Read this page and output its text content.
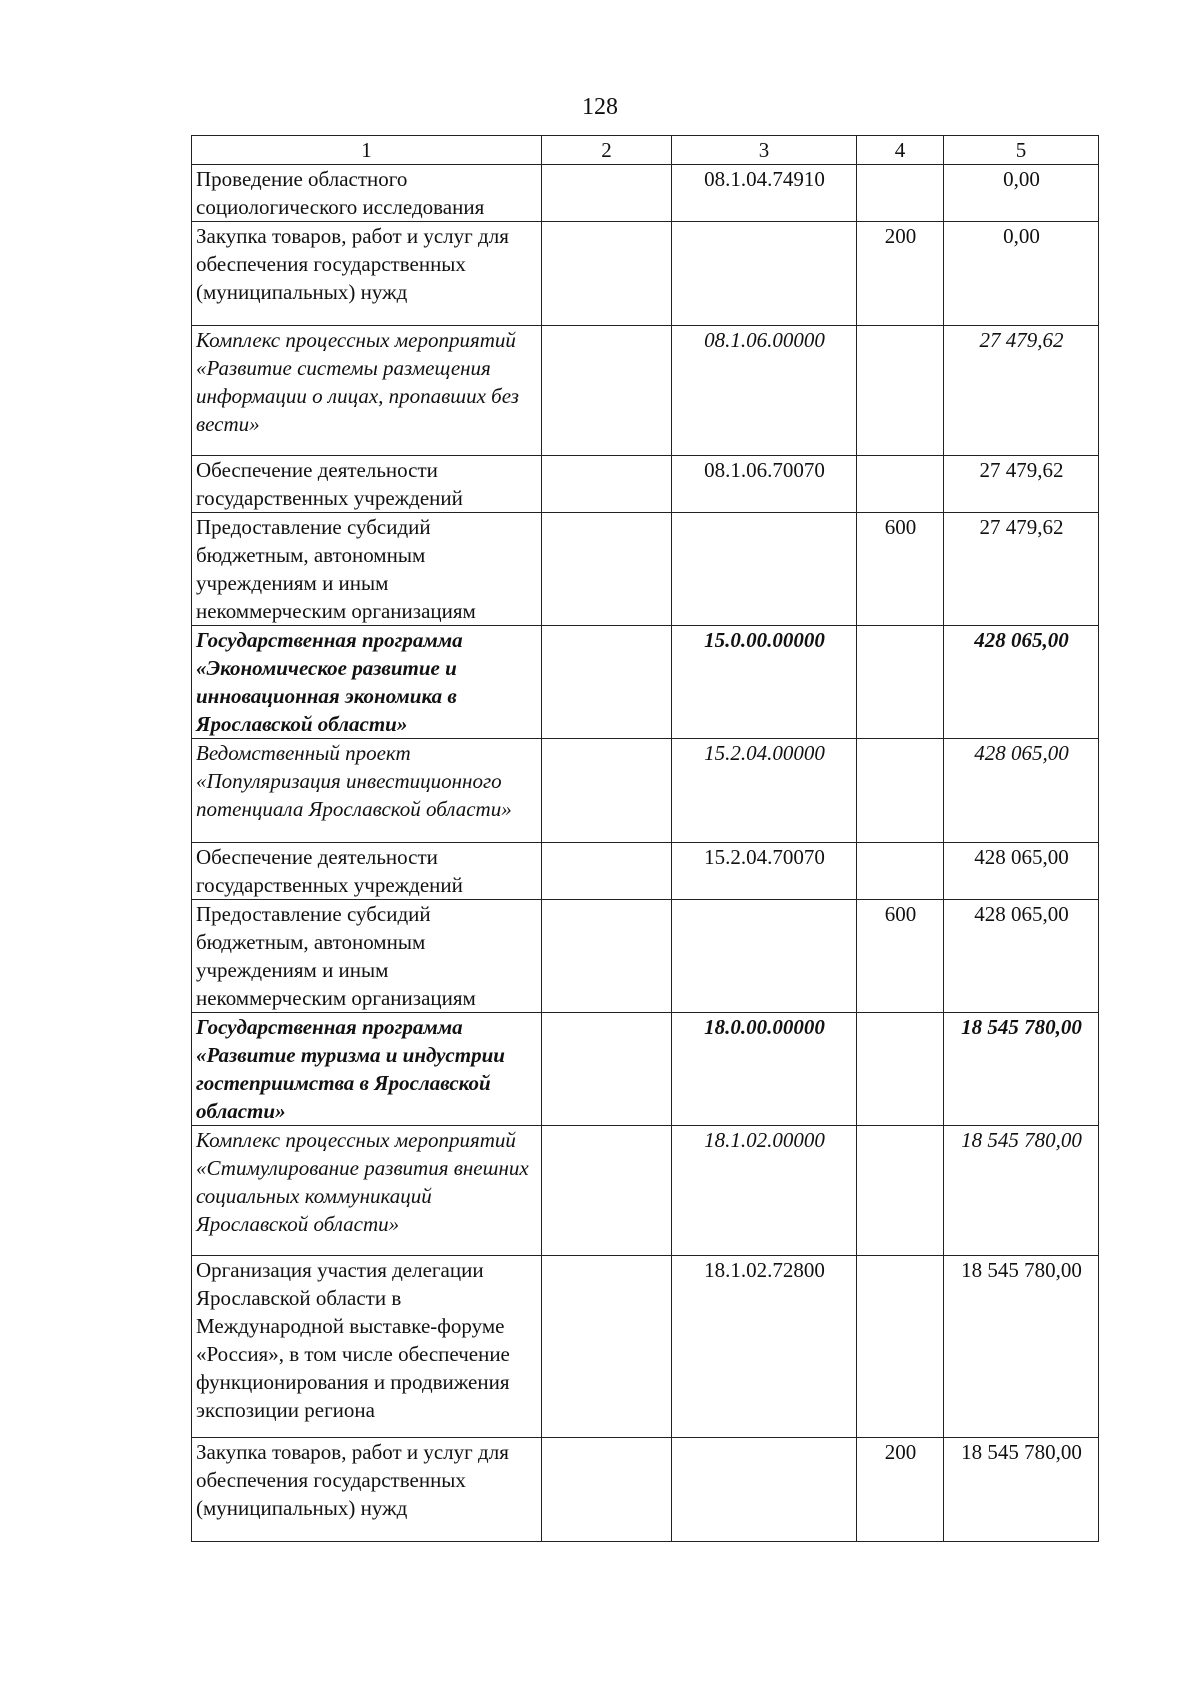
128
1	2	3	4	5
Проведение областного социологического исследования		08.1.04.74910		0,00
Закупка товаров, работ и услуг для обеспечения государственных (муниципальных) нужд			200	0,00
Комплекс процессных мероприятий «Развитие системы размещения информации о лицах, пропавших без вести»		08.1.06.00000		27 479,62
Обеспечение деятельности государственных учреждений		08.1.06.70070		27 479,62
Предоставление субсидий бюджетным, автономным учреждениям и иным некоммерческим организациям			600	27 479,62
Государственная программа «Экономическое развитие и инновационная экономика в Ярославской области»		15.0.00.00000		428 065,00
Ведомственный проект «Популяризация инвестиционного потенциала Ярославской области»		15.2.04.00000		428 065,00
Обеспечение деятельности государственных учреждений		15.2.04.70070		428 065,00
Предоставление субсидий бюджетным, автономным учреждениям и иным некоммерческим организациям			600	428 065,00
Государственная программа «Развитие туризма и индустрии гостеприимства в Ярославской области»		18.0.00.00000		18 545 780,00
Комплекс процессных мероприятий «Стимулирование развития внешних социальных коммуникаций Ярославской области»		18.1.02.00000		18 545 780,00
Организация участия делегации Ярославской области в Международной выставке-форуме «Россия», в том числе обеспечение функционирования и продвижения экспозиции региона		18.1.02.72800		18 545 780,00
Закупка товаров, работ и услуг для обеспечения государственных (муниципальных) нужд			200	18 545 780,00
